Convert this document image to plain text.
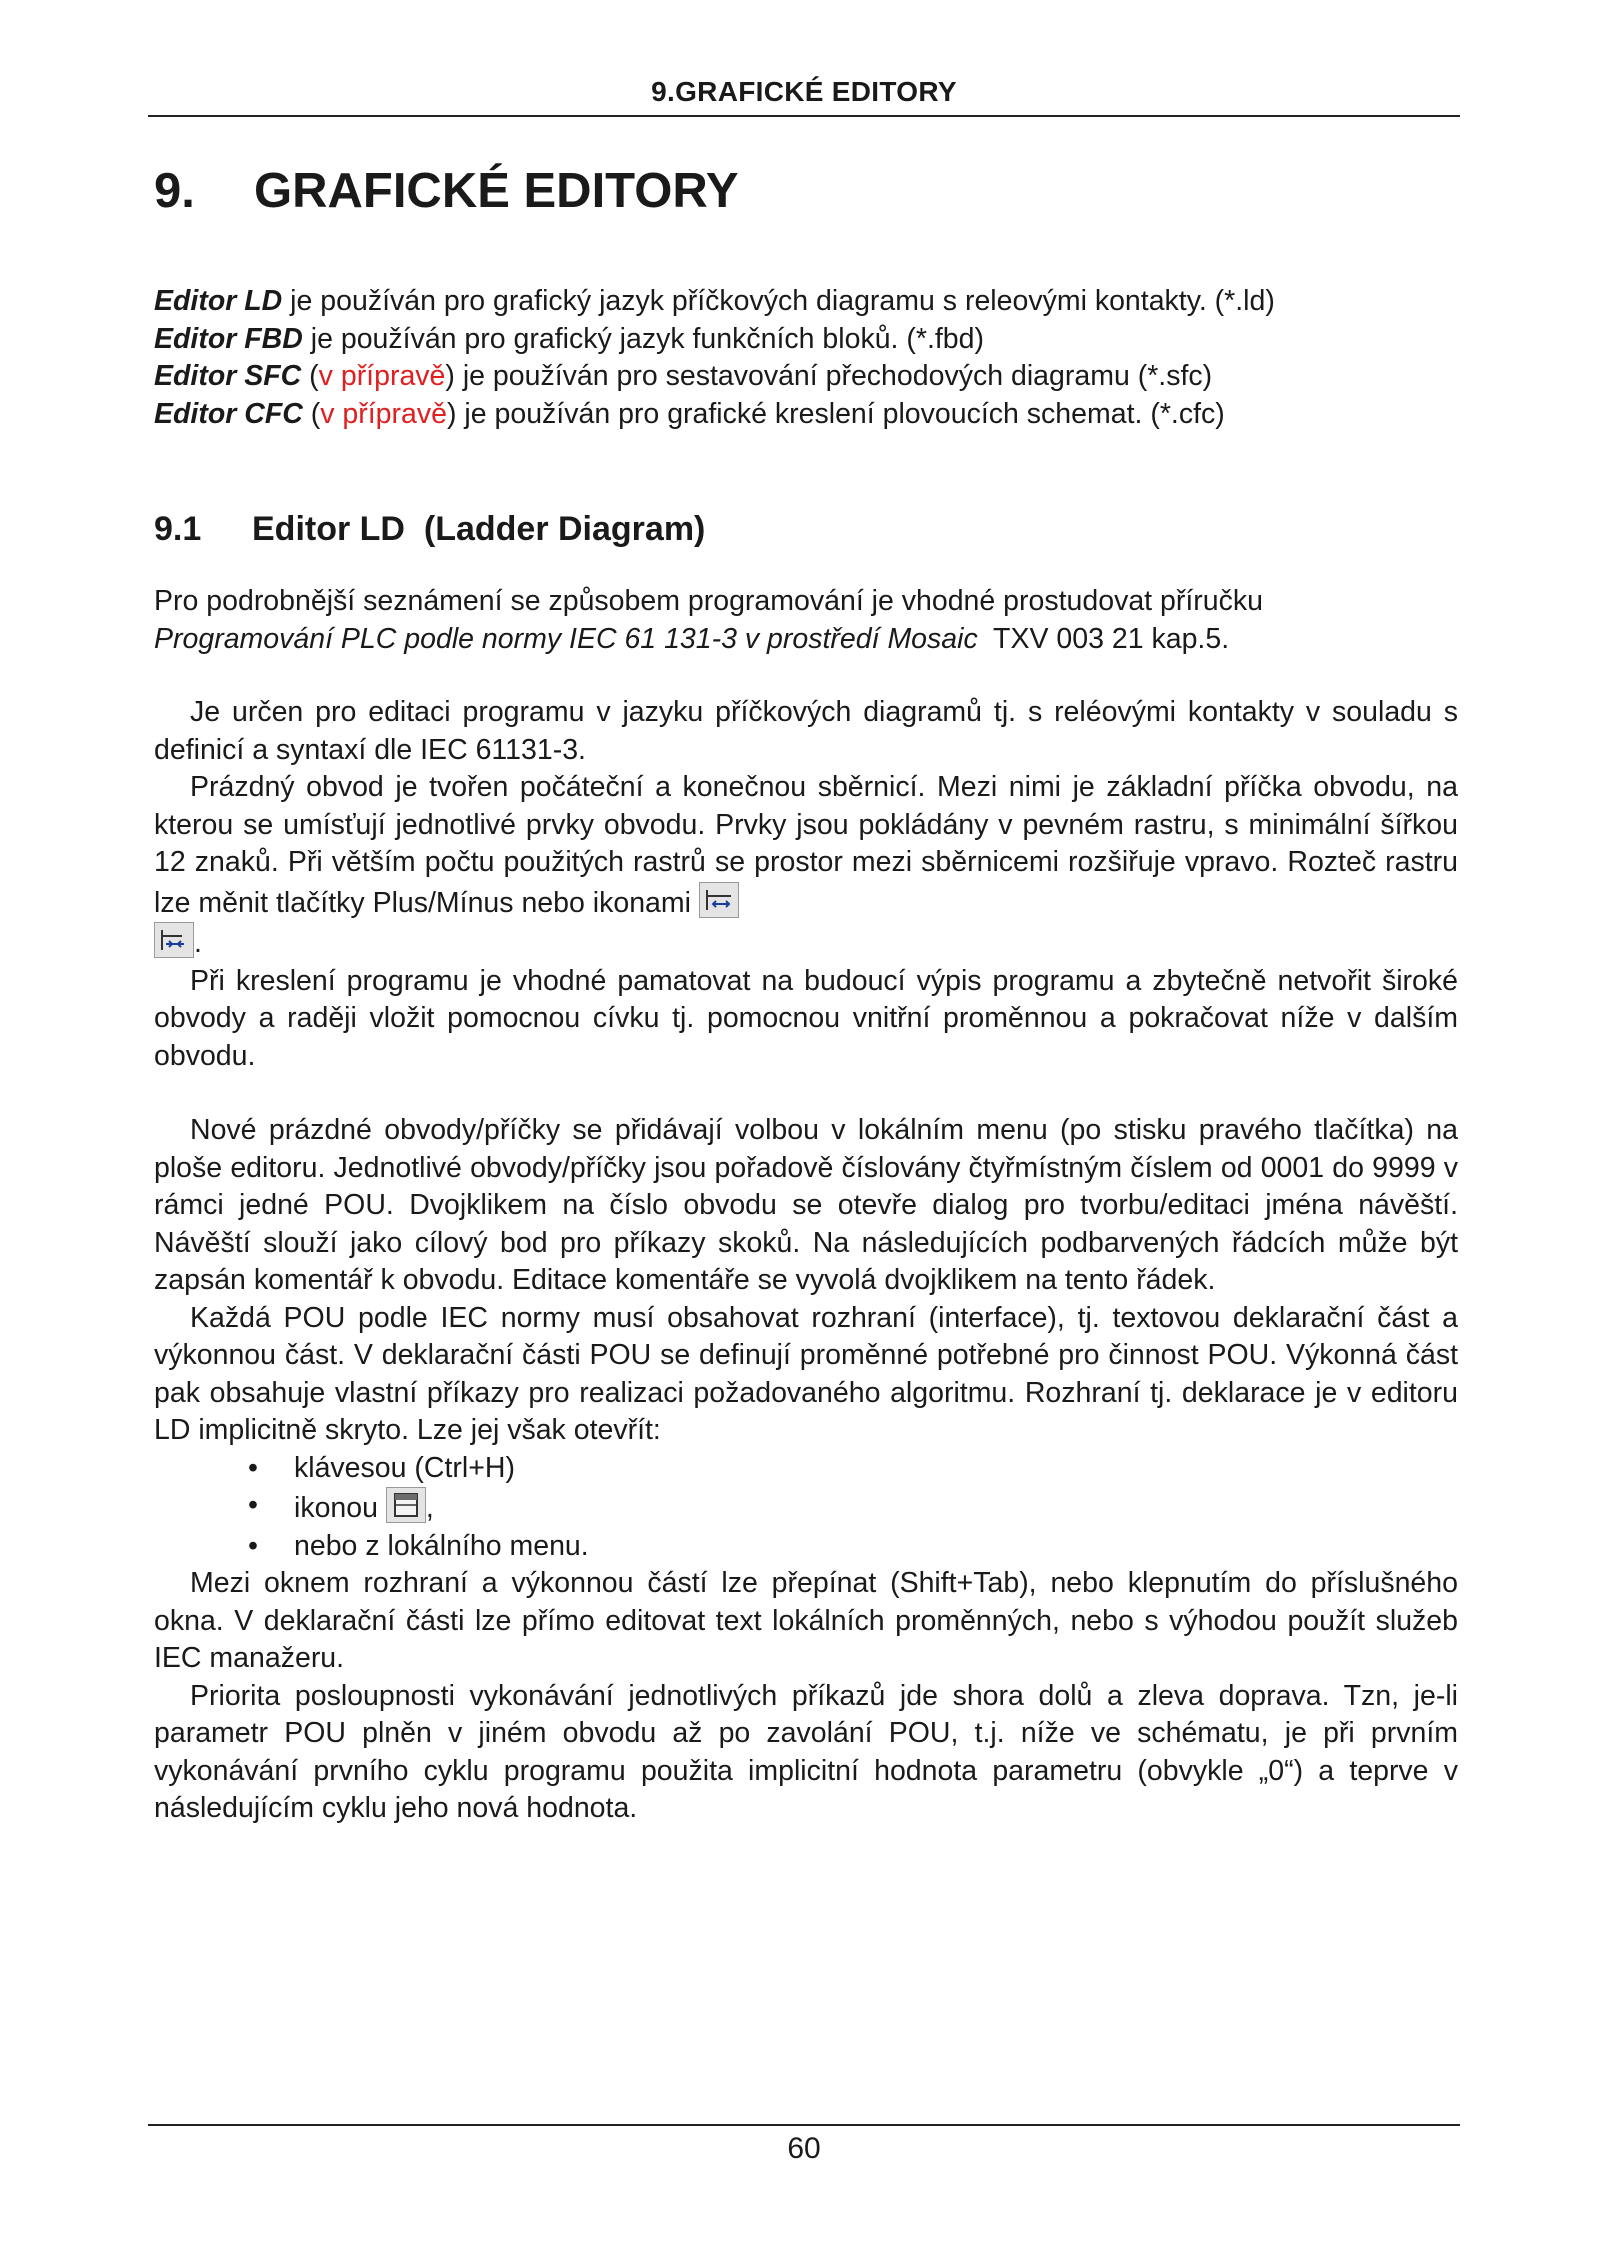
9.GRAFICKÉ EDITORY
9. GRAFICKÉ EDITORY
Editor LD je používán pro grafický jazyk příčkových diagramu s releovými kontakty. (*.ld)
Editor FBD je používán pro grafický jazyk funkčních bloků. (*.fbd)
Editor SFC (v přípravě) je používán pro sestavování přechodových diagramu (*.sfc)
Editor CFC (v přípravě) je používán pro grafické kreslení plovoucích schemat. (*.cfc)
9.1 Editor LD  (Ladder Diagram)

Pro podrobnější seznámení se způsobem programování je vhodné prostudovat příručku
Programování PLC podle normy IEC 61 131-3 v prostředí Mosaic  TXV 003 21 kap.5.

Je určen pro editaci programu v jazyku příčkových diagramů tj. s reléovými kontakty v souladu s definicí a syntaxí dle IEC 61131-3.

Prázdný obvod je tvořen počáteční a konečnou sběrnicí. Mezi nimi je základní příčka obvodu, na kterou se umísťují jednotlivé prvky obvodu. Prvky jsou pokládány v pevném rastru, s minimální šířkou 12 znaků. Při větším počtu použitých rastrů se prostor mezi sběrnicemi rozšiřuje vpravo. Rozteč rastru lze měnit tlačítky Plus/Mínus nebo ikonami

.

Při kreslení programu je vhodné pamatovat na budoucí výpis programu a zbytečně netvořit široké obvody a raději vložit pomocnou cívku tj. pomocnou vnitřní proměnnou a pokračovat níže v dalším obvodu.

Nové prázdné obvody/příčky se přidávají volbou v lokálním menu (po stisku pravého tlačítka) na ploše editoru. Jednotlivé obvody/příčky jsou pořadově číslovány čtyřmístným číslem od 0001 do 9999 v rámci jedné POU. Dvojklikem na číslo obvodu se otevře dialog pro tvorbu/editaci jména návěští. Návěští slouží jako cílový bod pro příkazy skoků. Na následujících podbarvených řádcích může být zapsán komentář k obvodu. Editace komentáře se vyvolá dvojklikem na tento řádek.

Každá POU podle IEC normy musí obsahovat rozhraní (interface), tj. textovou deklarační část a výkonnou část. V deklarační části POU se definují proměnné potřebné pro činnost POU. Výkonná část pak obsahuje vlastní příkazy pro realizaci požadovaného algoritmu. Rozhraní tj. deklarace je v editoru LD implicitně skryto. Lze jej však otevřít:

• klávesou (Ctrl+H)
• ikonou
,
• nebo z lokálního menu.

Mezi oknem rozhraní a výkonnou částí lze přepínat (Shift+Tab), nebo klepnutím do příslušného okna. V deklarační části lze přímo editovat text lokálních proměnných, nebo s výhodou použít služeb IEC manažeru.

Priorita posloupnosti vykonávání jednotlivých příkazů jde shora dolů a zleva doprava. Tzn, je-li parametr POU plněn v jiném obvodu až po zavolání POU, t.j. níže ve schématu, je při prvním vykonávání prvního cyklu programu použita implicitní hodnota parametru (obvykle „0“) a teprve v následujícím cyklu jeho nová hodnota.

60
